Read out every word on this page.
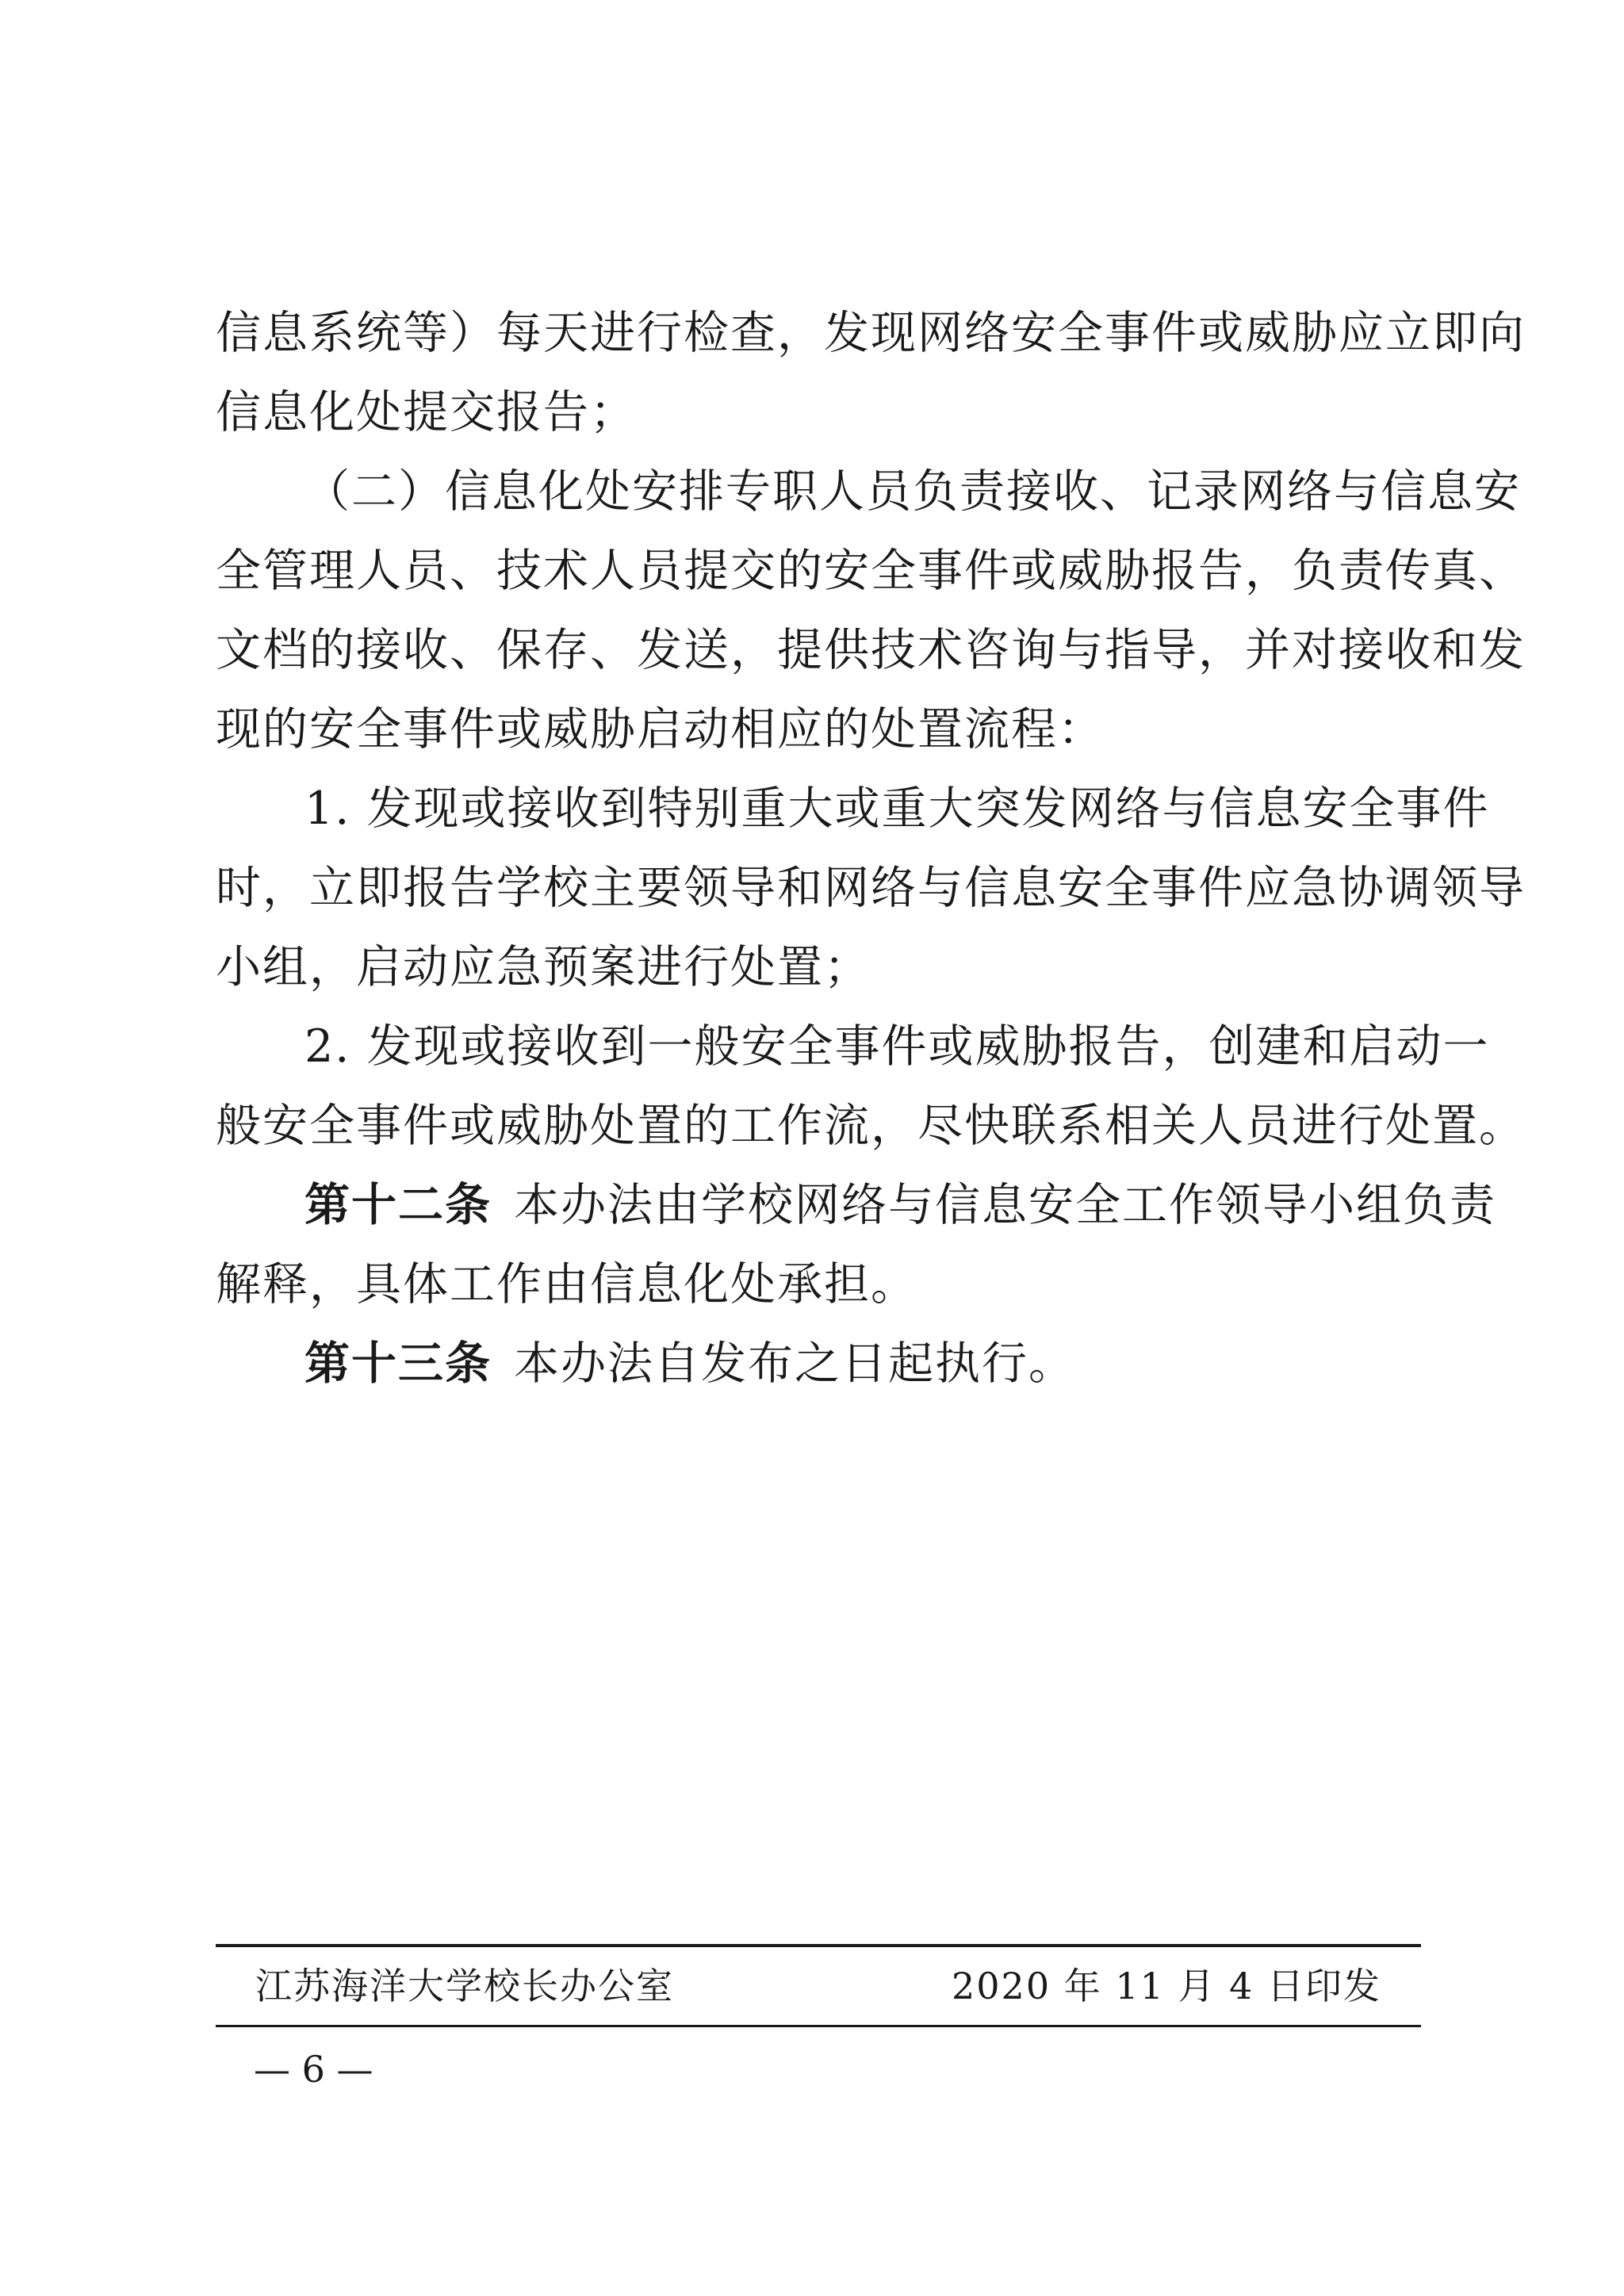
信息系统等）每天进行检查，发现网络安全事件或威胁应立即向
信息化处提交报告；
（二）信息化处安排专职人员负责接收、记录网络与信息安
全管理人员、技术人员提交的安全事件或威胁报告，负责传真、
文档的接收、保存、发送，提供技术咨询与指导，并对接收和发
现的安全事件或威胁启动相应的处置流程：
1. 发现或接收到特别重大或重大突发网络与信息安全事件
时，立即报告学校主要领导和网络与信息安全事件应急协调领导
小组，启动应急预案进行处置；
2. 发现或接收到一般安全事件或威胁报告，创建和启动一
般安全事件或威胁处置的工作流，尽快联系相关人员进行处置。
第十二条 本办法由学校网络与信息安全工作领导小组负责
解释，具体工作由信息化处承担。
第十三条 本办法自发布之日起执行。
江苏海洋大学校长办公室	2020 年 11 月 4 日印发
— 6 —
